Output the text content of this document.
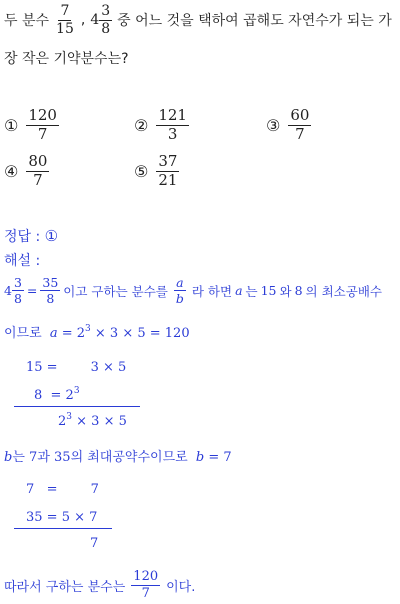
두 분수 $\frac{7}{15}$ , $4 \frac{3}{8}$ 중 어느 것을 택하여 곱해도 자연수가 되는 가
장 작은 기약분수는?
① $\frac{120}{7}$	② $\frac{121}{3}$	③ $\frac{60}{7}$
④ $\frac{80}{7}$	⑤ $\frac{37}{21}$
정답 : ①
해설 :
$4 \frac{3}{8} = \frac{35}{8}$ 이고 구하는 분수를 $\frac{a}{b}$ 라 하면 a 는 15 와 8 의 최소공배수
이므로 $a = 2^3 \times 3 \times 5 = 120$
15 =        3 × 5
$8 = 2^3$
$2^3 \times 3 \times 5$
b는 7과 35의 최대공약수이므로 b = 7
7   =        7
35 = 5 × 7
7
따라서 구하는 분수는 $\frac{120}{7}$ 이다.
